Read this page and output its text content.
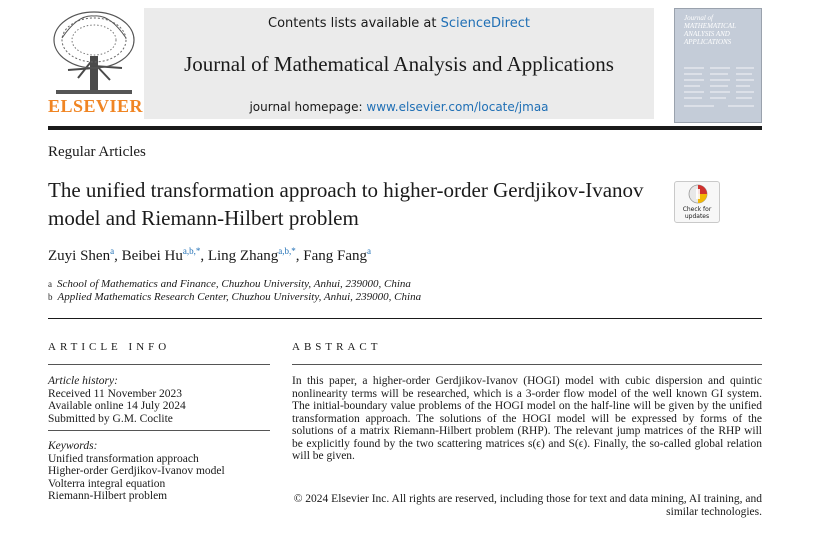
ELSEVIER
Contents lists available at ScienceDirect
Journal of Mathematical Analysis and Applications
journal homepage: www.elsevier.com/locate/jmaa
Journal of MATHEMATICAL ANALYSIS AND APPLICATIONS
Regular Articles
The unified transformation approach to higher-order Gerdjikov-Ivanov model and Riemann-Hilbert problem	Check for updates
Zuyi Shen$^a$, Beibei $Hu^{a,b,*}$, Ling Zhang$^{a,b,*}$, Fang Fang$^a$
a School of Mathematics and Finance, Chuzhou University, Anhui, 239000, China
b Applied Mathematics Research Center, Chuzhou University, Anhui, 239000, China
ARTICLE INFO
Article history:
Received 11 November 2023
Available online 14 July 2024
Submitted by G.M. Coclite
Keywords:
Unified transformation approach
Higher-order Gerdjikov-Ivanov model
Volterra integral equation
Riemann-Hilbert problem
ABSTRACT
In this paper, a higher-order Gerdjikov-Ivanov (HOGI) model with cubic dispersion and quintic nonlinearity terms will be researched, which is a 3-order flow model of the well known GI system. The initial-boundary value problems of the HOGI model on the half-line will be given by the unified transformation approach. The solutions of the HOGI model will be expressed by forms of the solutions of a matrix Riemann-Hilbert problem (RHP). The relevant jump matrices of the RHP will be explicitly found by the two scattering matrices s(ϵ) and S(ϵ). Finally, the so-called global relation will be given.
© 2024 Elsevier Inc. All rights are reserved, including those for text and data mining, AI training, and similar technologies.
